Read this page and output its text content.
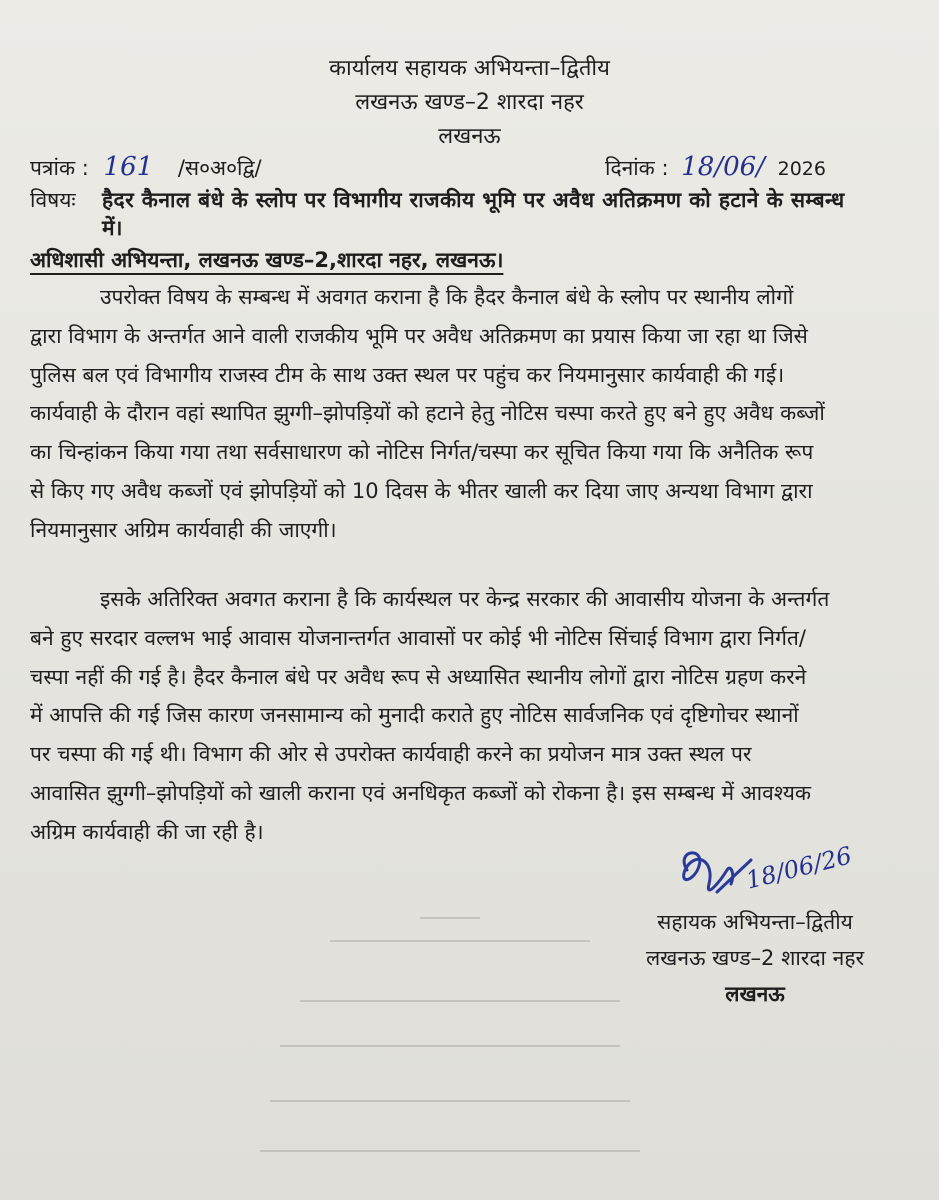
कार्यालय सहायक अभियन्ता–द्वितीय
लखनऊ खण्ड–2 शारदा नहर
लखनऊ
पत्रांक : 161 /स०अ०द्वि/	दिनांक : 18/06/ 2026
विषयः हैदर कैनाल बंधे के स्लोप पर विभागीय राजकीय भूमि पर अवैध अतिक्रमण को हटाने के सम्बन्ध
में।
अधिशासी अभियन्ता, लखनऊ खण्ड–2,शारदा नहर, लखनऊ।
उपरोक्त विषय के सम्बन्ध में अवगत कराना है कि हैदर कैनाल बंधे के स्लोप पर स्थानीय लोगों
द्वारा विभाग के अन्तर्गत आने वाली राजकीय भूमि पर अवैध अतिक्रमण का प्रयास किया जा रहा था जिसे
पुलिस बल एवं विभागीय राजस्व टीम के साथ उक्त स्थल पर पहुंच कर नियमानुसार कार्यवाही की गई।
कार्यवाही के दौरान वहां स्थापित झुग्गी–झोपड़ियों को हटाने हेतु नोटिस चस्पा करते हुए बने हुए अवैध कब्जों
का चिन्हांकन किया गया तथा सर्वसाधारण को नोटिस निर्गत/चस्पा कर सूचित किया गया कि अनैतिक रूप
से किए गए अवैध कब्जों एवं झोपड़ियों को 10 दिवस के भीतर खाली कर दिया जाए अन्यथा विभाग द्वारा
नियमानुसार अग्रिम कार्यवाही की जाएगी।
इसके अतिरिक्त अवगत कराना है कि कार्यस्थल पर केन्द्र सरकार की आवासीय योजना के अन्तर्गत
बने हुए सरदार वल्लभ भाई आवास योजनान्तर्गत आवासों पर कोई भी नोटिस सिंचाई विभाग द्वारा निर्गत/
चस्पा नहीं की गई है। हैदर कैनाल बंधे पर अवैध रूप से अध्यासित स्थानीय लोगों द्वारा नोटिस ग्रहण करने
में आपत्ति की गई जिस कारण जनसामान्य को मुनादी कराते हुए नोटिस सार्वजनिक एवं दृष्टिगोचर स्थानों
पर चस्पा की गई थी। विभाग की ओर से उपरोक्त कार्यवाही करने का प्रयोजन मात्र उक्त स्थल पर
आवासित झुग्गी–झोपड़ियों को खाली कराना एवं अनधिकृत कब्जों को रोकना है। इस सम्बन्ध में आवश्यक
अग्रिम कार्यवाही की जा रही है।
18/06/26
सहायक अभियन्ता–द्वितीय
लखनऊ खण्ड–2 शारदा नहर
लखनऊ
